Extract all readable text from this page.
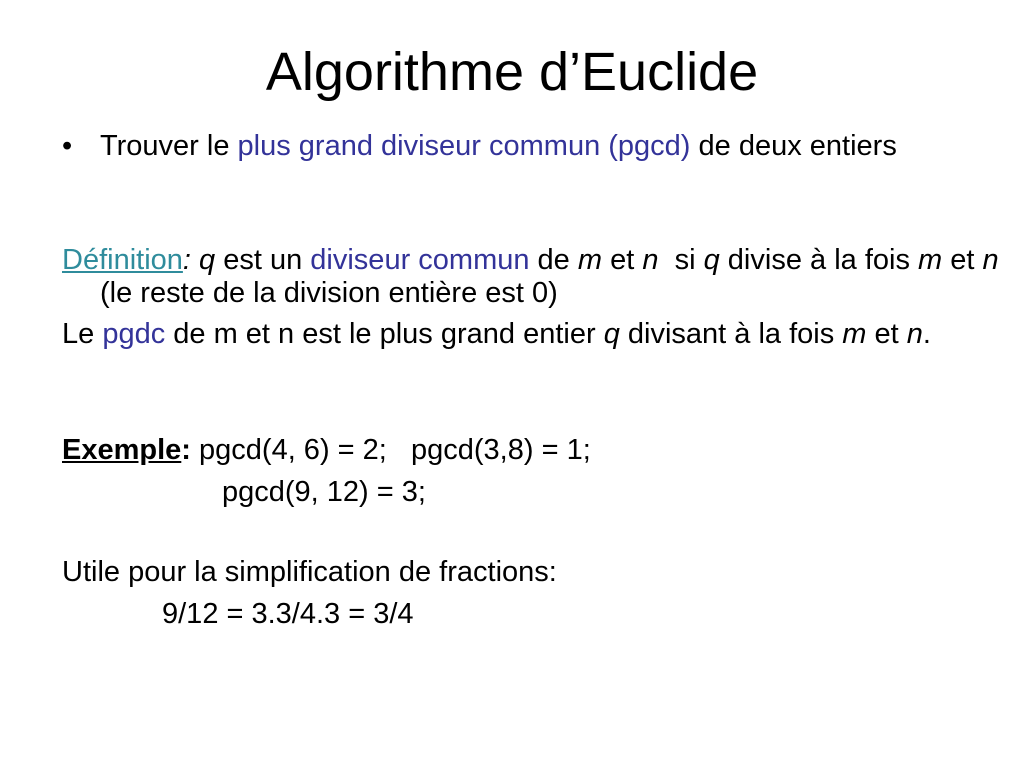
Algorithme d’Euclide
• Trouver le plus grand diviseur commun (pgcd) de deux entiers
Définition: q est un diviseur commun de m et n  si q divise à la fois m et n (le reste de la division entière est 0)
Le pgdc de m et n est le plus grand entier q divisant à la fois m et n.
Exemple: pgcd(4, 6) = 2;   pgcd(3,8) = 1;
pgcd(9, 12) = 3;
Utile pour la simplification de fractions:
9/12 = 3.3/4.3 = 3/4
